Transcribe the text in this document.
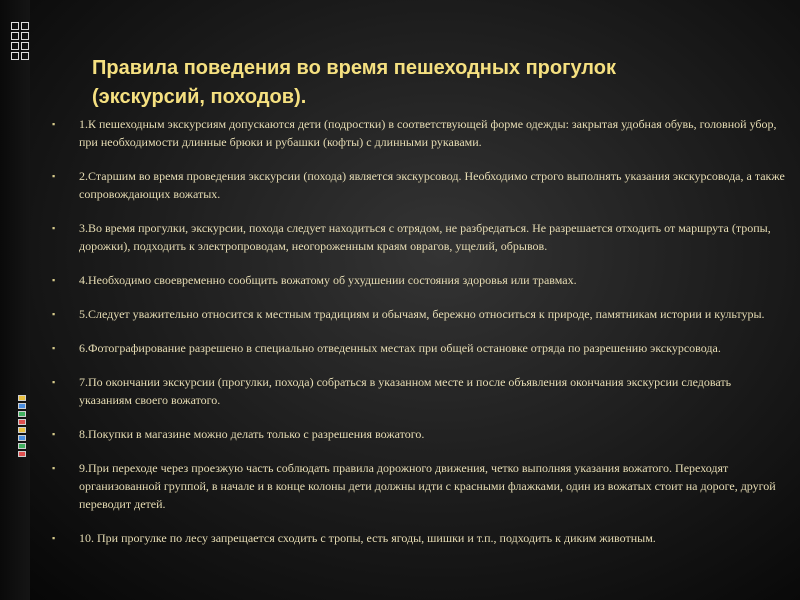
Правила поведения во время пешеходных прогулок
(экскурсий, походов).
▪ 1.К пешеходным экскурсиям допускаются дети (подростки) в соответствующей форме одежды: закрытая удобная обувь, головной убор, при необходимости длинные брюки и рубашки (кофты) с длинными рукавами.
▪ 2.Старшим во время проведения экскурсии (похода) является экскурсовод. Необходимо строго выполнять указания экскурсовода, а также сопровождающих вожатых.
▪ 3.Во время прогулки, экскурсии, похода следует находиться с отрядом, не разбредаться. Не разрешается отходить от маршрута (тропы, дорожки), подходить к электропроводам, неогороженным краям оврагов, ущелий, обрывов.
▪ 4.Необходимо своевременно сообщить вожатому об ухудшении состояния здоровья или травмах.
▪ 5.Следует уважительно относится к местным традициям и обычаям, бережно относиться к природе, памятникам истории и культуры.
▪ 6.Фотографирование разрешено в специально отведенных местах при общей остановке отряда по разрешению экскурсовода.
▪ 7.По окончании экскурсии (прогулки, похода) собраться в указанном месте и после объявления окончания экскурсии следовать указаниям своего вожатого.
▪ 8.Покупки в магазине можно делать только с разрешения вожатого.
▪ 9.При переходе через проезжую часть соблюдать правила дорожного движения, четко выполняя указания вожатого. Переходят организованной группой, в начале и в конце колоны дети должны идти с красными флажками, один из вожатых стоит на дороге, другой переводит детей.
▪ 10. При прогулке по лесу запрещается сходить с тропы, есть ягоды, шишки и т.п., подходить к диким животным.
